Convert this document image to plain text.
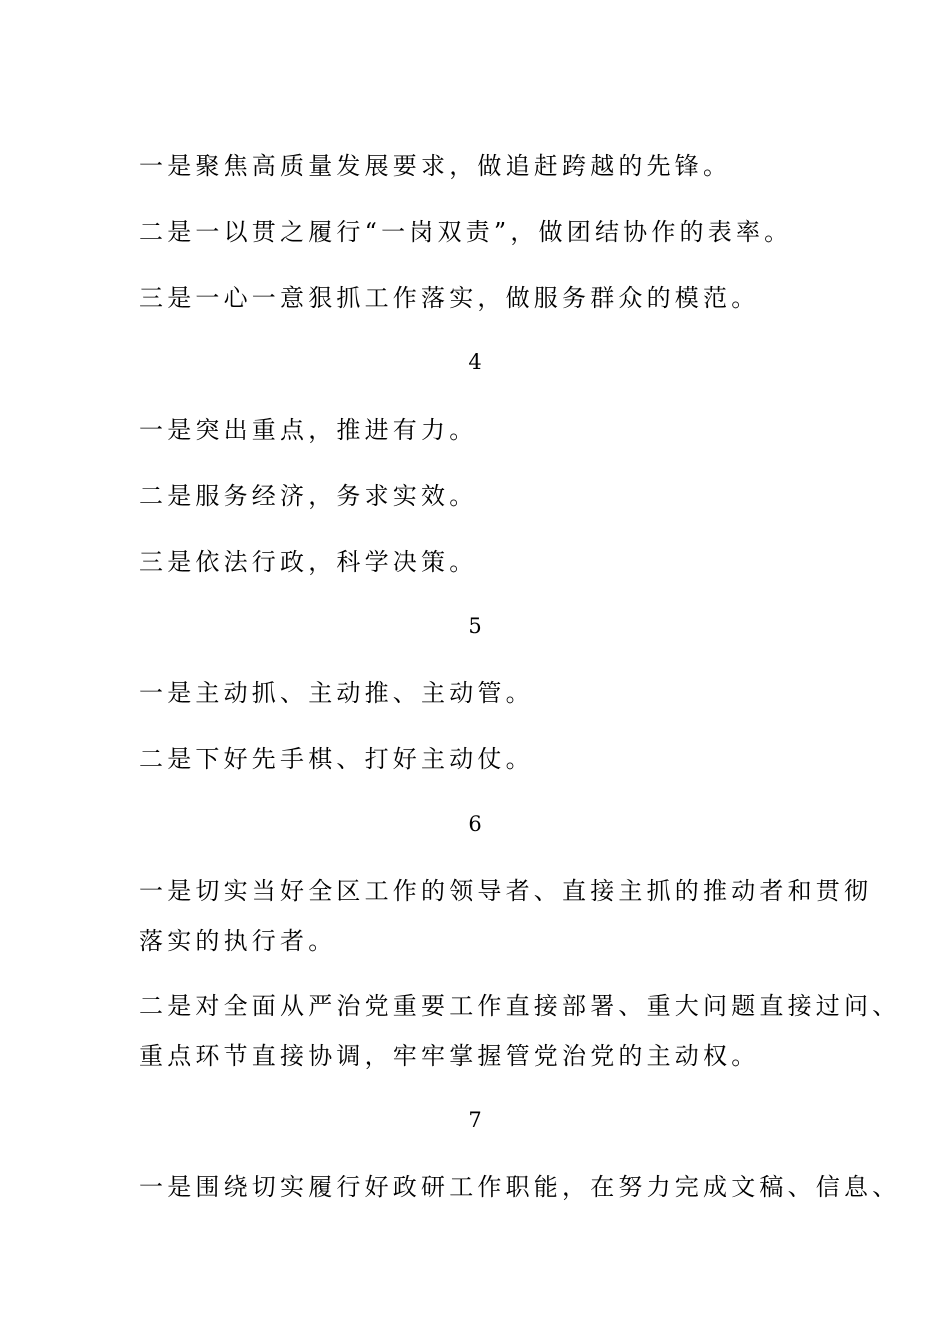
一是聚焦高质量发展要求，做追赶跨越的先锋。
二是一以贯之履行“一岗双责”，做团结协作的表率。
三是一心一意狠抓工作落实，做服务群众的模范。
4
一是突出重点，推进有力。
二是服务经济，务求实效。
三是依法行政，科学决策。
5
一是主动抓、主动推、主动管。
二是下好先手棋、打好主动仗。
6
一是切实当好全区工作的领导者、直接主抓的推动者和贯彻
落实的执行者。
二是对全面从严治党重要工作直接部署、重大问题直接过问、
重点环节直接协调，牢牢掌握管党治党的主动权。
7
一是围绕切实履行好政研工作职能，在努力完成文稿、信息、
